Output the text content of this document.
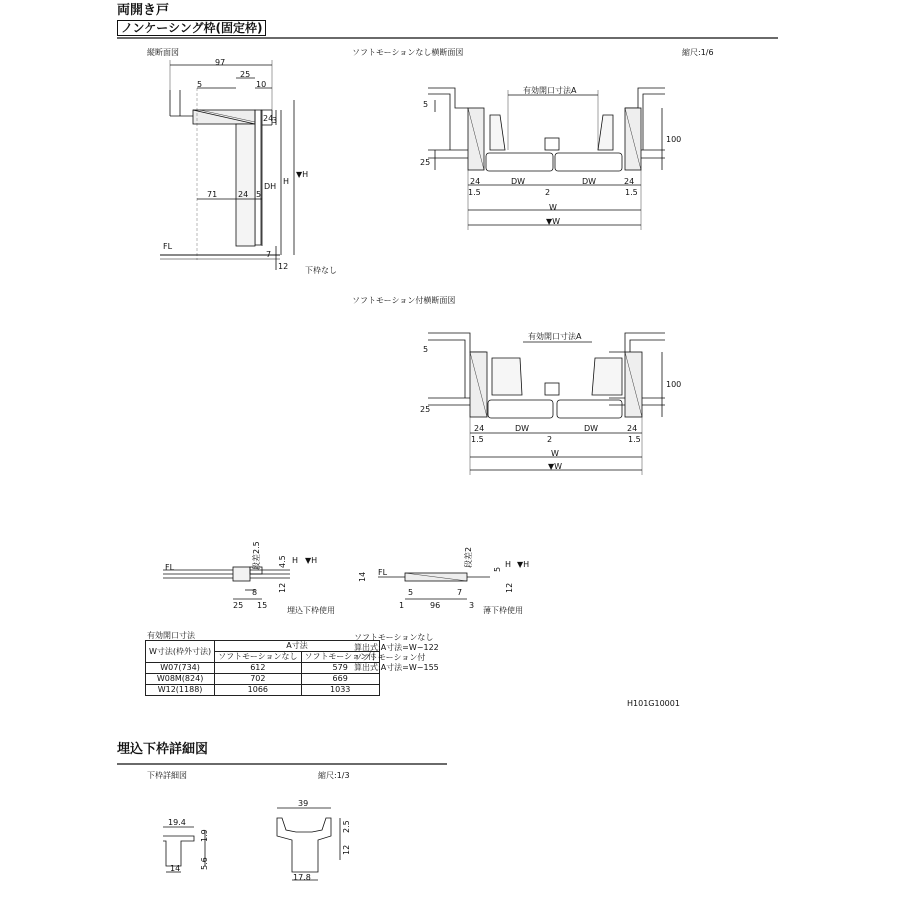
両開き戸
ノンケーシング枠(固定枠)
縦断面図	ソフトモーションなし横断面図	縮尺:1/6
ソフトモーション付横断面図
97
5
25
10
24
3
71	24 5
DH
H
▼H
7
12
FL
下枠なし
有効開口寸法A
5
25
100
24	DW	DW	24
1.5	2	1.5
W
▼W
有効開口寸法A
5
25
100
24	DW	DW	24
1.5	2	1.5
W
▼W
FL	段差2.5 4.5 H ▼H
12
8
25 15
埋込下枠使用
FL
14
段差2
5
H ▼H
12
5	7
1	96	3
薄下枠使用
有効開口寸法
W寸法(枠外寸法)	A寸法	
	ソフトモーションなし	ソフトモーション付
W07(734)	612	579
W08M(824)	702	669
W12(1188)	1066	1033
ソフトモーションなし
算出式:A寸法=W−122
ソフトモーション付
算出式:A寸法=W−155
H101G10001
埋込下枠詳細図
下枠詳細図	縮尺:1/3
19.4
1.9
5.6
14
39
2.5
12
17.8
